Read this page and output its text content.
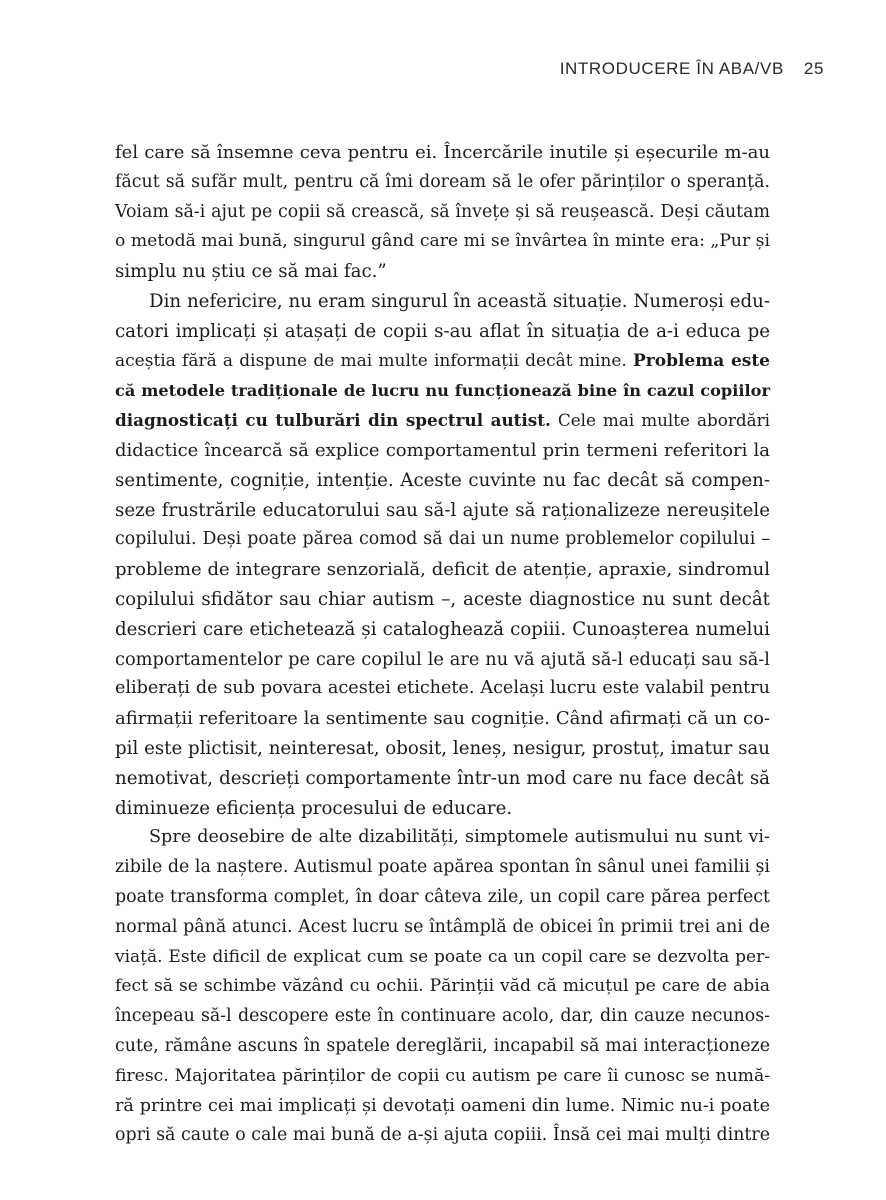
INTRODUCERE ÎN ABA/VB 25
fel care să însemne ceva pentru ei. Încercările inutile și eșecurile m-au
făcut să sufăr mult, pentru că îmi doream să le ofer părinților o speranță.
Voiam să-i ajut pe copii să crească, să învețe și să reușească. Deși căutam
o metodă mai bună, singurul gând care mi se învârtea în minte era: „Pur și
simplu nu știu ce să mai fac.”
Din nefericire, nu eram singurul în această situație. Numeroși edu-
catori implicați și atașați de copii s-au aflat în situația de a-i educa pe
aceștia fără a dispune de mai multe informații decât mine. Problema este
că metodele tradiționale de lucru nu funcționează bine în cazul copiilor
diagnosticați cu tulburări din spectrul autist. Cele mai multe abordări
didactice încearcă să explice comportamentul prin termeni referitori la
sentimente, cogniție, intenție. Aceste cuvinte nu fac decât să compen-
seze frustrările educatorului sau să-l ajute să raționalizeze nereușitele
copilului. Deși poate părea comod să dai un nume problemelor copilului –
probleme de integrare senzorială, deficit de atenție, apraxie, sindromul
copilului sfidător sau chiar autism –, aceste diagnostice nu sunt decât
descrieri care etichetează și cataloghează copiii. Cunoașterea numelui
comportamentelor pe care copilul le are nu vă ajută să-l educați sau să-l
eliberați de sub povara acestei etichete. Același lucru este valabil pentru
afirmații referitoare la sentimente sau cogniție. Când afirmați că un co-
pil este plictisit, neinteresat, obosit, leneș, nesigur, prostuț, imatur sau
nemotivat, descrieți comportamente într-un mod care nu face decât să
diminueze eficiența procesului de educare.
Spre deosebire de alte dizabilități, simptomele autismului nu sunt vi-
zibile de la naștere. Autismul poate apărea spontan în sânul unei familii și
poate transforma complet, în doar câteva zile, un copil care părea perfect
normal până atunci. Acest lucru se întâmplă de obicei în primii trei ani de
viață. Este dificil de explicat cum se poate ca un copil care se dezvolta per-
fect să se schimbe văzând cu ochii. Părinții văd că micuțul pe care de abia
începeau să-l descopere este în continuare acolo, dar, din cauze necunos-
cute, rămâne ascuns în spatele dereglării, incapabil să mai interacționeze
firesc. Majoritatea părinților de copii cu autism pe care îi cunosc se numă-
ră printre cei mai implicați și devotați oameni din lume. Nimic nu-i poate
opri să caute o cale mai bună de a-și ajuta copiii. Însă cei mai mulți dintre
